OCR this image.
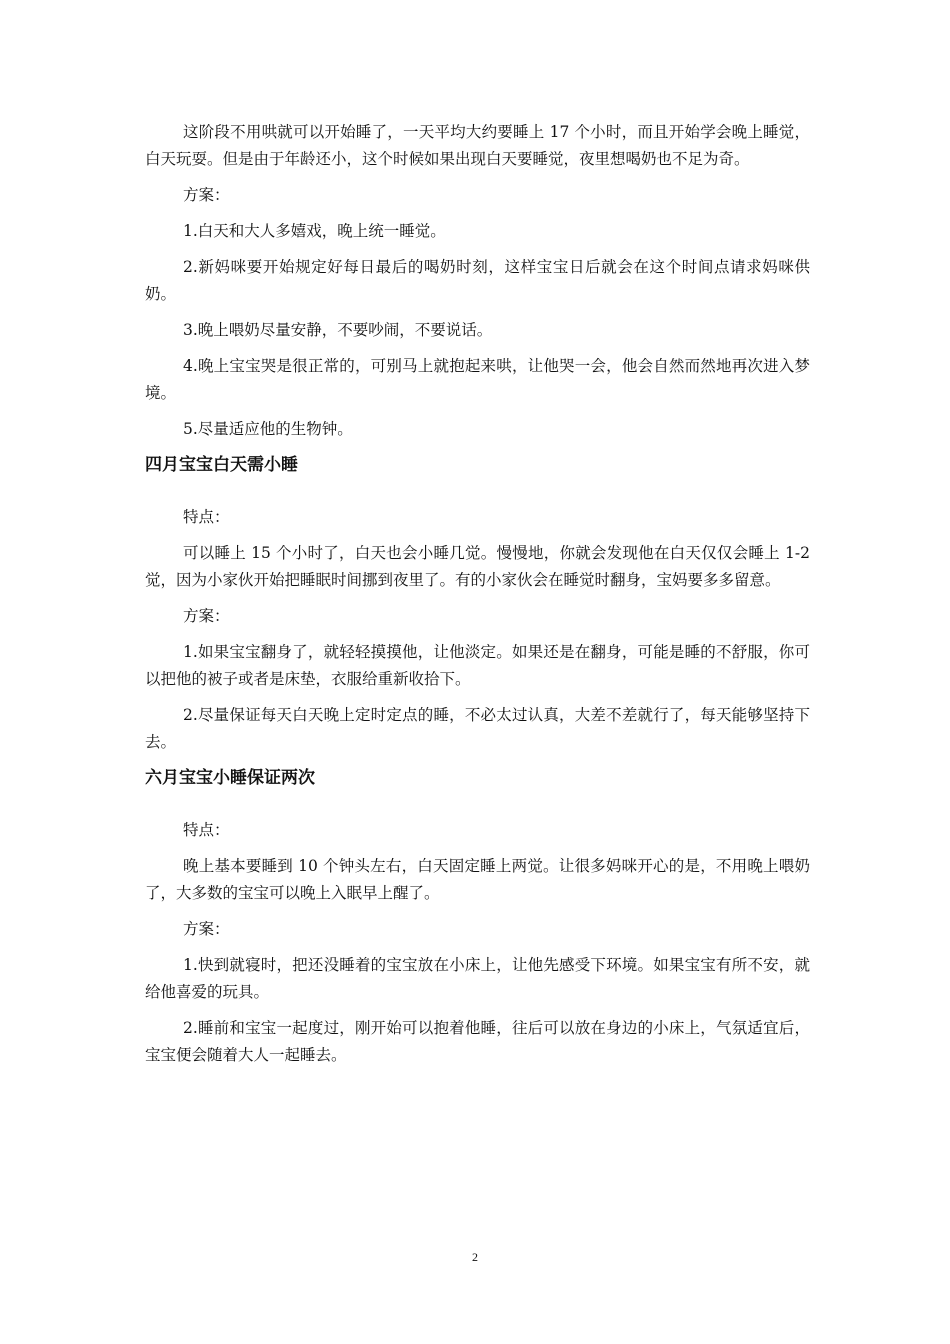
这阶段不用哄就可以开始睡了，一天平均大约要睡上 17 个小时，而且开始学会晚上睡觉，白天玩耍。但是由于年龄还小，这个时候如果出现白天要睡觉，夜里想喝奶也不足为奇。

方案：

1.白天和大人多嬉戏，晚上统一睡觉。

2.新妈咪要开始规定好每日最后的喝奶时刻，这样宝宝日后就会在这个时间点请求妈咪供奶。

3.晚上喂奶尽量安静，不要吵闹，不要说话。

4.晚上宝宝哭是很正常的，可别马上就抱起来哄，让他哭一会，他会自然而然地再次进入梦境。

5.尽量适应他的生物钟。

四月宝宝白天需小睡

特点：

可以睡上 15 个小时了，白天也会小睡几觉。慢慢地，你就会发现他在白天仅仅会睡上 1-2 觉，因为小家伙开始把睡眠时间挪到夜里了。有的小家伙会在睡觉时翻身，宝妈要多多留意。

方案：

1.如果宝宝翻身了，就轻轻摸摸他，让他淡定。如果还是在翻身，可能是睡的不舒服，你可以把他的被子或者是床垫，衣服给重新收拾下。

2.尽量保证每天白天晚上定时定点的睡，不必太过认真，大差不差就行了，每天能够坚持下去。

六月宝宝小睡保证两次

特点：

晚上基本要睡到 10 个钟头左右，白天固定睡上两觉。让很多妈咪开心的是，不用晚上喂奶了，大多数的宝宝可以晚上入眠早上醒了。

方案：

1.快到就寝时，把还没睡着的宝宝放在小床上，让他先感受下环境。如果宝宝有所不安，就给他喜爱的玩具。

2.睡前和宝宝一起度过，刚开始可以抱着他睡，往后可以放在身边的小床上，气氛适宜后，宝宝便会随着大人一起睡去。

2
